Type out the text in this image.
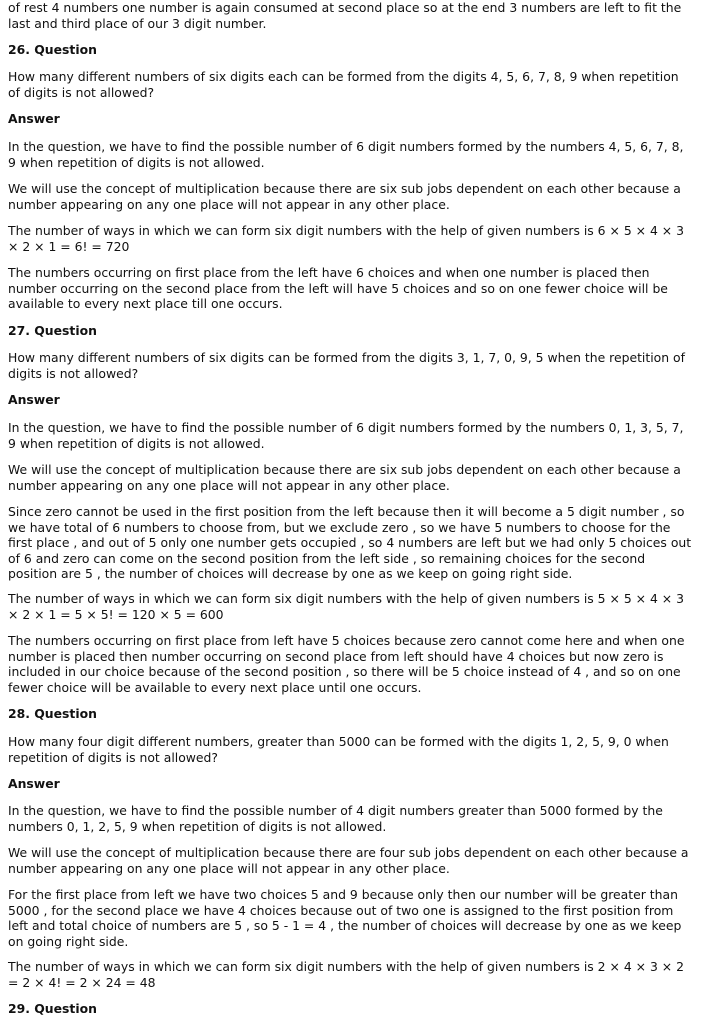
of rest 4 numbers one number is again consumed at second place so at the end 3 numbers are left to fit the
last and third place of our 3 digit number.
26. Question
How many different numbers of six digits each can be formed from the digits 4, 5, 6, 7, 8, 9 when repetition
of digits is not allowed?
Answer
In the question, we have to find the possible number of 6 digit numbers formed by the numbers 4, 5, 6, 7, 8,
9 when repetition of digits is not allowed.
We will use the concept of multiplication because there are six sub jobs dependent on each other because a
number appearing on any one place will not appear in any other place.
The number of ways in which we can form six digit numbers with the help of given numbers is 6 × 5 × 4 × 3
× 2 × 1 = 6! = 720
The numbers occurring on first place from the left have 6 choices and when one number is placed then
number occurring on the second place from the left will have 5 choices and so on one fewer choice will be
available to every next place till one occurs.
27. Question
How many different numbers of six digits can be formed from the digits 3, 1, 7, 0, 9, 5 when the repetition of
digits is not allowed?
Answer
In the question, we have to find the possible number of 6 digit numbers formed by the numbers 0, 1, 3, 5, 7,
9 when repetition of digits is not allowed.
We will use the concept of multiplication because there are six sub jobs dependent on each other because a
number appearing on any one place will not appear in any other place.
Since zero cannot be used in the first position from the left because then it will become a 5 digit number , so
we have total of 6 numbers to choose from, but we exclude zero , so we have 5 numbers to choose for the
first place , and out of 5 only one number gets occupied , so 4 numbers are left but we had only 5 choices out
of 6 and zero can come on the second position from the left side , so remaining choices for the second
position are 5 , the number of choices will decrease by one as we keep on going right side.
The number of ways in which we can form six digit numbers with the help of given numbers is 5 × 5 × 4 × 3
× 2 × 1 = 5 × 5! = 120 × 5 = 600
The numbers occurring on first place from left have 5 choices because zero cannot come here and when one
number is placed then number occurring on second place from left should have 4 choices but now zero is
included in our choice because of the second position , so there will be 5 choice instead of 4 , and so on one
fewer choice will be available to every next place until one occurs.
28. Question
How many four digit different numbers, greater than 5000 can be formed with the digits 1, 2, 5, 9, 0 when
repetition of digits is not allowed?
Answer
In the question, we have to find the possible number of 4 digit numbers greater than 5000 formed by the
numbers 0, 1, 2, 5, 9 when repetition of digits is not allowed.
We will use the concept of multiplication because there are four sub jobs dependent on each other because a
number appearing on any one place will not appear in any other place.
For the first place from left we have two choices 5 and 9 because only then our number will be greater than
5000 , for the second place we have 4 choices because out of two one is assigned to the first position from
left and total choice of numbers are 5 , so 5 - 1 = 4 , the number of choices will decrease by one as we keep
on going right side.
The number of ways in which we can form six digit numbers with the help of given numbers is 2 × 4 × 3 × 2
= 2 × 4! = 2 × 24 = 48
29. Question
